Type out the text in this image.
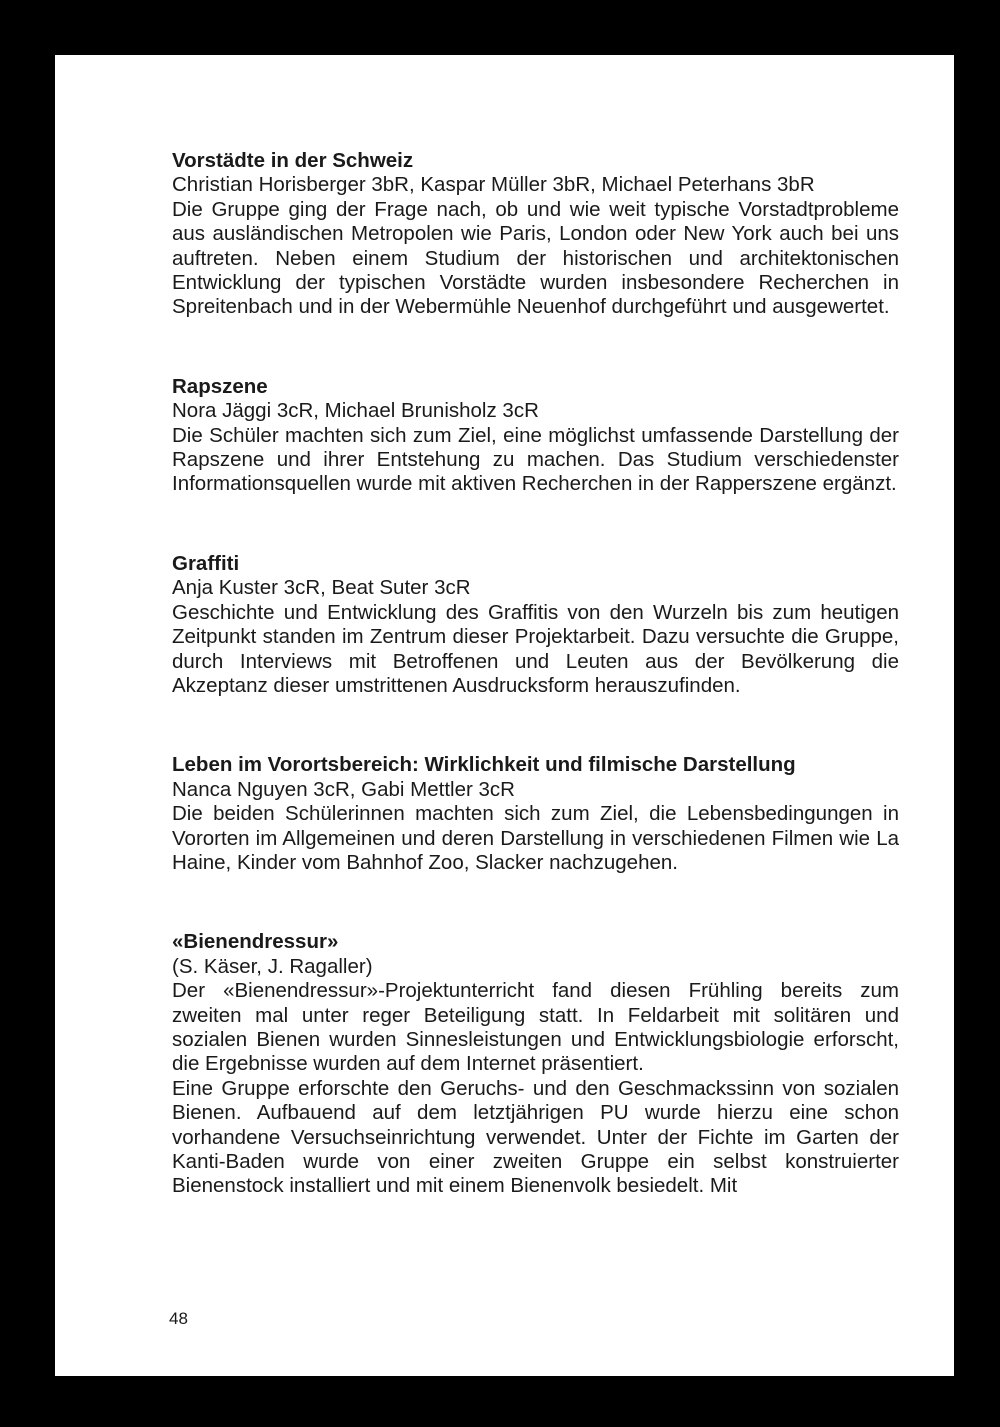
Vorstädte in der Schweiz

Christian Horisberger 3bR, Kaspar Müller 3bR, Michael Peterhans 3bR

Die Gruppe ging der Frage nach, ob und wie weit typische Vorstadtprobleme aus ausländischen Metropolen wie Paris, London oder New York auch bei uns auftreten. Neben einem Studium der historischen und architektonischen Entwicklung der typischen Vorstädte wurden insbesondere Recherchen in Spreitenbach und in der Webermühle Neuenhof durchgeführt und ausgewertet.

Rapszene

Nora Jäggi 3cR, Michael Brunisholz 3cR

Die Schüler machten sich zum Ziel, eine möglichst umfassende Darstellung der Rapszene und ihrer Entstehung zu machen. Das Studium verschiedenster Informationsquellen wurde mit aktiven Recherchen in der Rapperszene ergänzt.

Graffiti

Anja Kuster 3cR, Beat Suter 3cR

Geschichte und Entwicklung des Graffitis von den Wurzeln bis zum heutigen Zeitpunkt standen im Zentrum dieser Projektarbeit. Dazu versuchte die Gruppe, durch Interviews mit Betroffenen und Leuten aus der Bevölkerung die Akzeptanz dieser umstrittenen Ausdrucksform herauszufinden.

Leben im Vorortsbereich: Wirklichkeit und filmische Darstellung

Nanca Nguyen 3cR, Gabi Mettler 3cR

Die beiden Schülerinnen machten sich zum Ziel, die Lebensbedingungen in Vororten im Allgemeinen und deren Darstellung in verschiedenen Filmen wie La Haine, Kinder vom Bahnhof Zoo, Slacker nachzugehen.

«Bienendressur»

(S. Käser, J. Ragaller)

Der «Bienendressur»-Projektunterricht fand diesen Frühling bereits zum zweiten mal unter reger Beteiligung statt. In Feldarbeit mit solitären und sozialen Bienen wurden Sinnesleistungen und Entwicklungsbiologie erforscht, die Ergebnisse wurden auf dem Internet präsentiert.

Eine Gruppe erforschte den Geruchs- und den Geschmackssinn von sozialen Bienen. Aufbauend auf dem letztjährigen PU wurde hierzu eine schon vorhandene Versuchseinrichtung verwendet. Unter der Fichte im Garten der Kanti-Baden wurde von einer zweiten Gruppe ein selbst konstruierter Bienenstock installiert und mit einem Bienenvolk besiedelt. Mit

48
